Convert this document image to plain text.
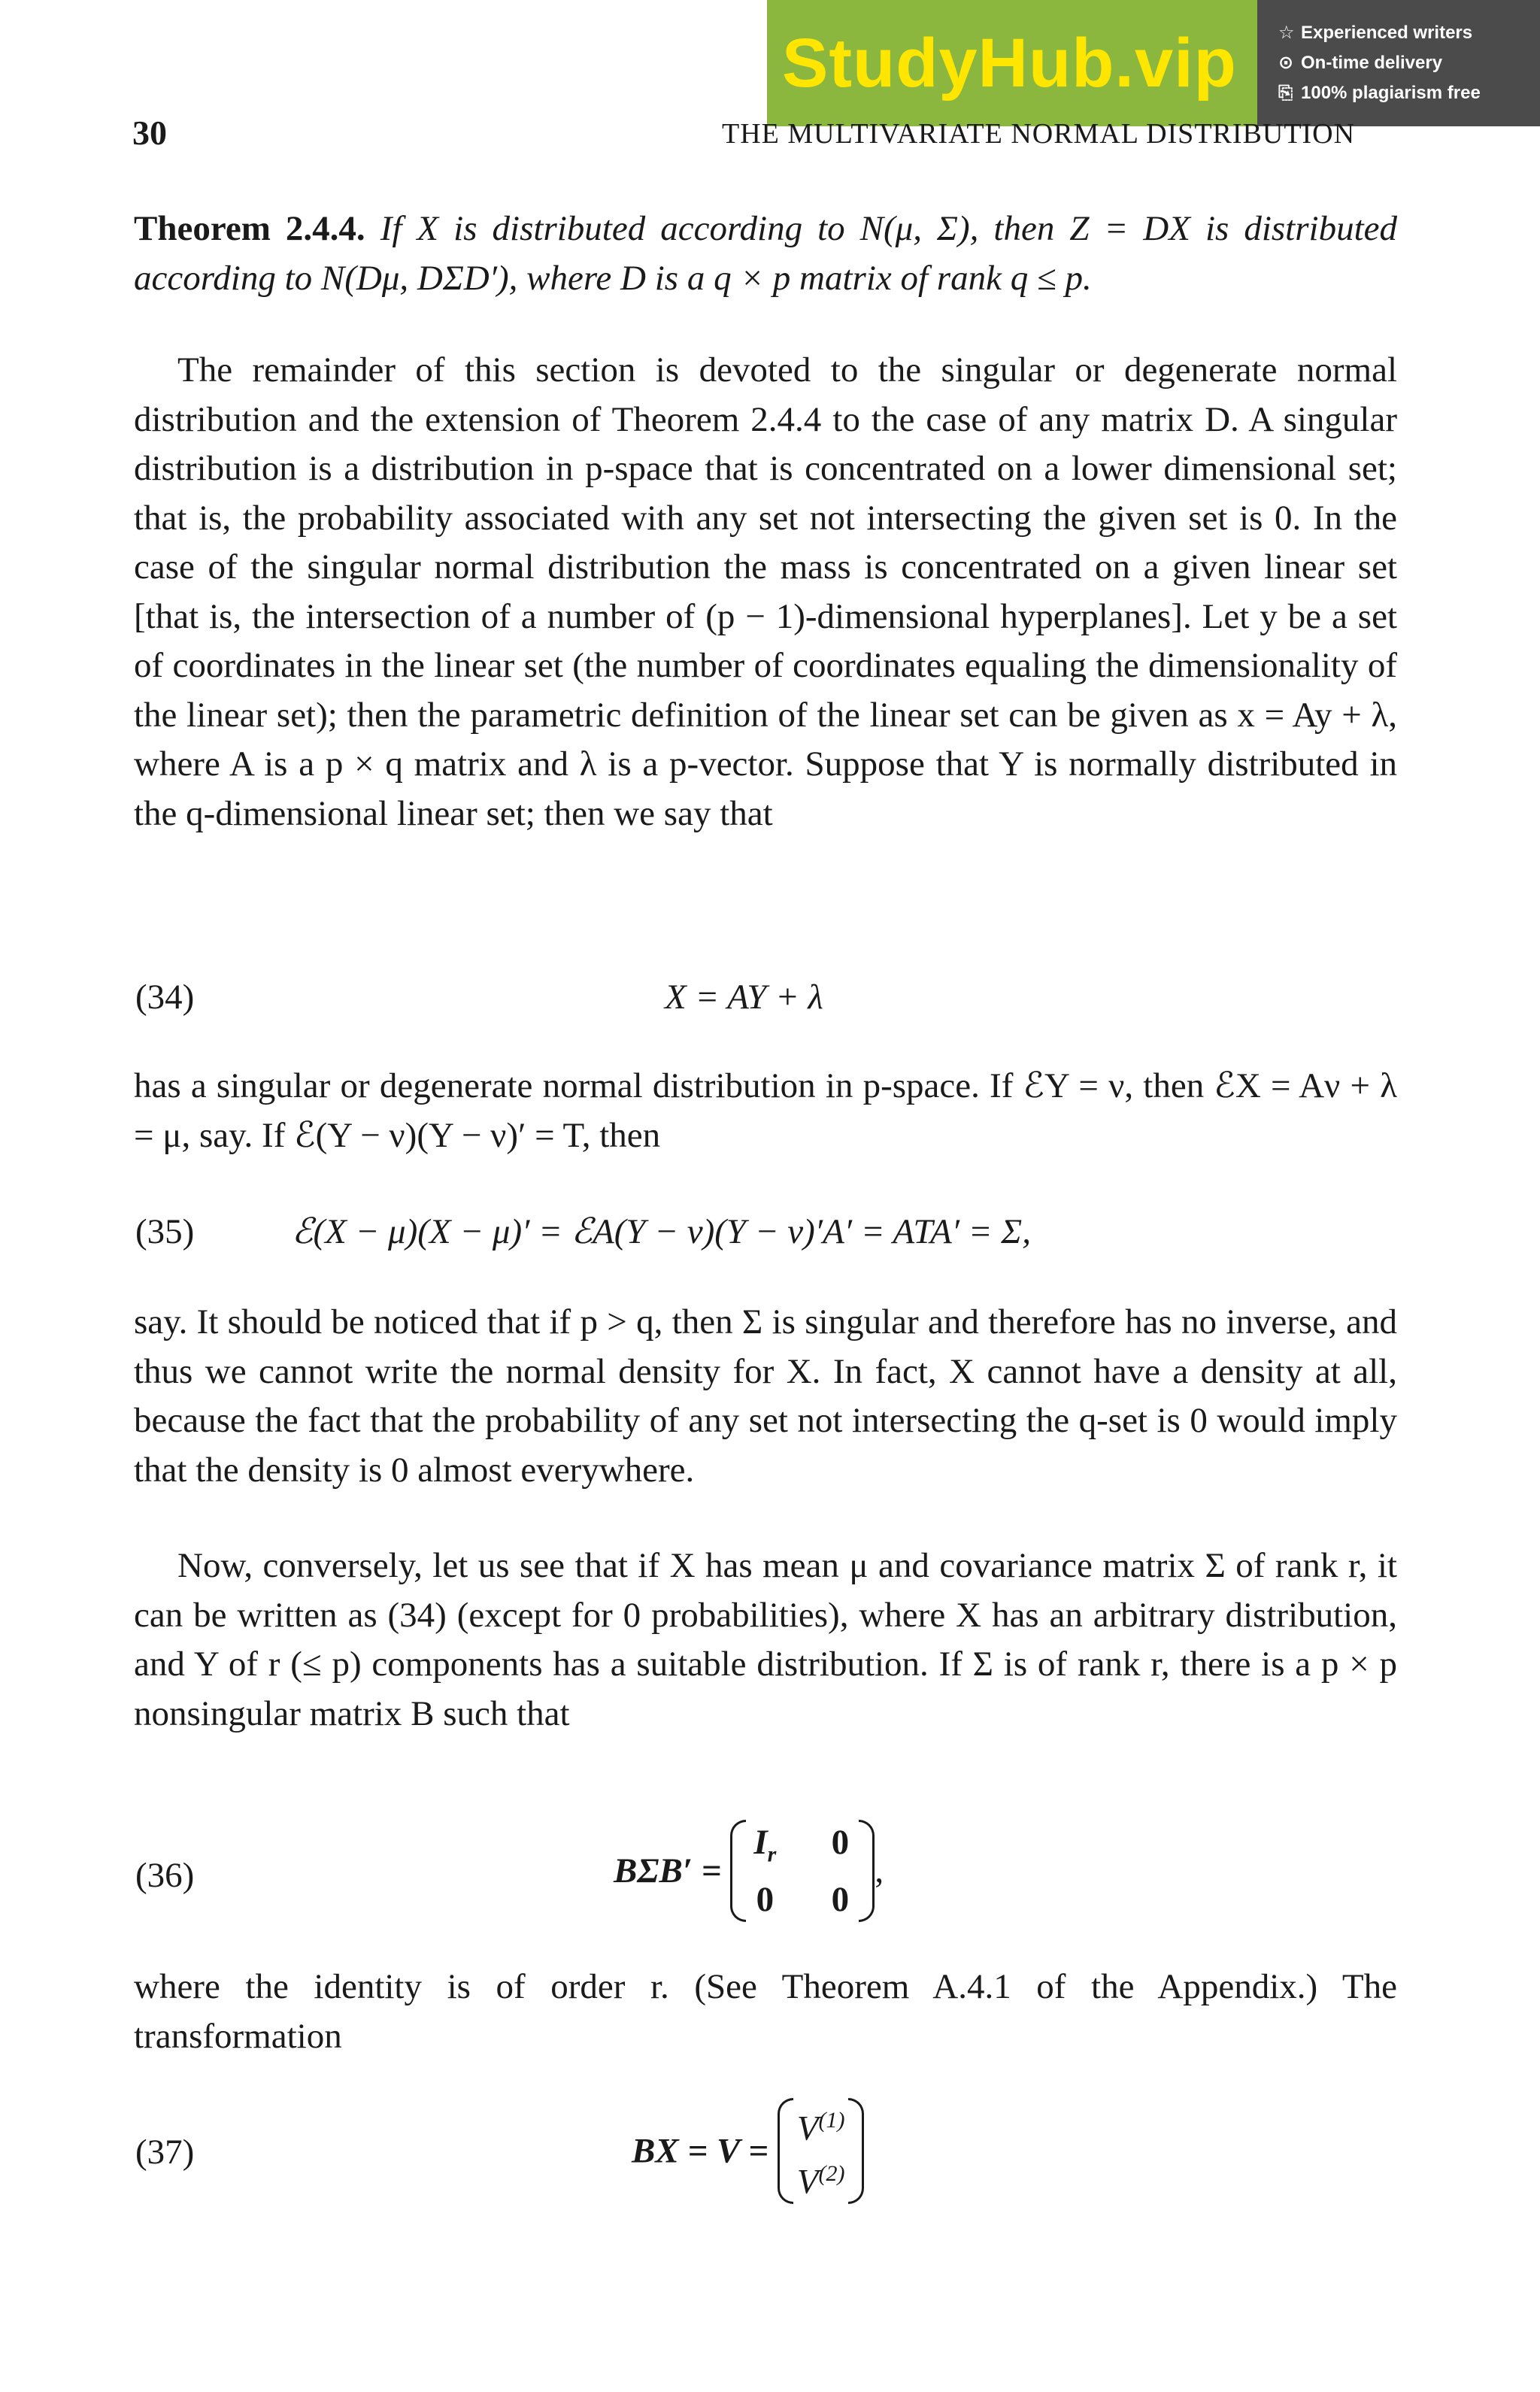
StudyHub.vip	☆ Experienced writers
⊙ On-time delivery
⎘ 100% plagiarism free
30	THE MULTIVARIATE NORMAL DISTRIBUTION
Theorem 2.4.4. If X is distributed according to N(μ, Σ), then Z = DX is distributed according to N(Dμ, DΣD′), where D is a q × p matrix of rank q ≤ p.
The remainder of this section is devoted to the singular or degenerate normal distribution and the extension of Theorem 2.4.4 to the case of any matrix D. A singular distribution is a distribution in p-space that is concentrated on a lower dimensional set; that is, the probability associated with any set not intersecting the given set is 0. In the case of the singular normal distribution the mass is concentrated on a given linear set [that is, the intersection of a number of (p − 1)-dimensional hyperplanes]. Let y be a set of coordinates in the linear set (the number of coordinates equaling the dimensionality of the linear set); then the parametric definition of the linear set can be given as x = Ay + λ, where A is a p × q matrix and λ is a p-vector. Suppose that Y is normally distributed in the q-dimensional linear set; then we say that
(34)	X = AY + λ
has a singular or degenerate normal distribution in p-space. If ℰY = ν, then ℰX = Aν + λ = μ, say. If ℰ(Y − ν)(Y − ν)′ = T, then
(35)	ℰ(X − μ)(X − μ)′ = ℰA(Y − ν)(Y − ν)′A′ = ATA′ = Σ,
say. It should be noticed that if p > q, then Σ is singular and therefore has no inverse, and thus we cannot write the normal density for X. In fact, X cannot have a density at all, because the fact that the probability of any set not intersecting the q-set is 0 would imply that the density is 0 almost everywhere.
Now, conversely, let us see that if X has mean μ and covariance matrix Σ of rank r, it can be written as (34) (except for 0 probabilities), where X has an arbitrary distribution, and Y of r (≤ p) components has a suitable distribution. If Σ is of rank r, there is a p × p nonsingular matrix B such that
(36)	BΣB′ =
$I_r$ 0
0 0
,
where the identity is of order r. (See Theorem A.4.1 of the Appendix.) The transformation
(37)	BX = V =
$V^{(1)}$
$V^{(2)}$
